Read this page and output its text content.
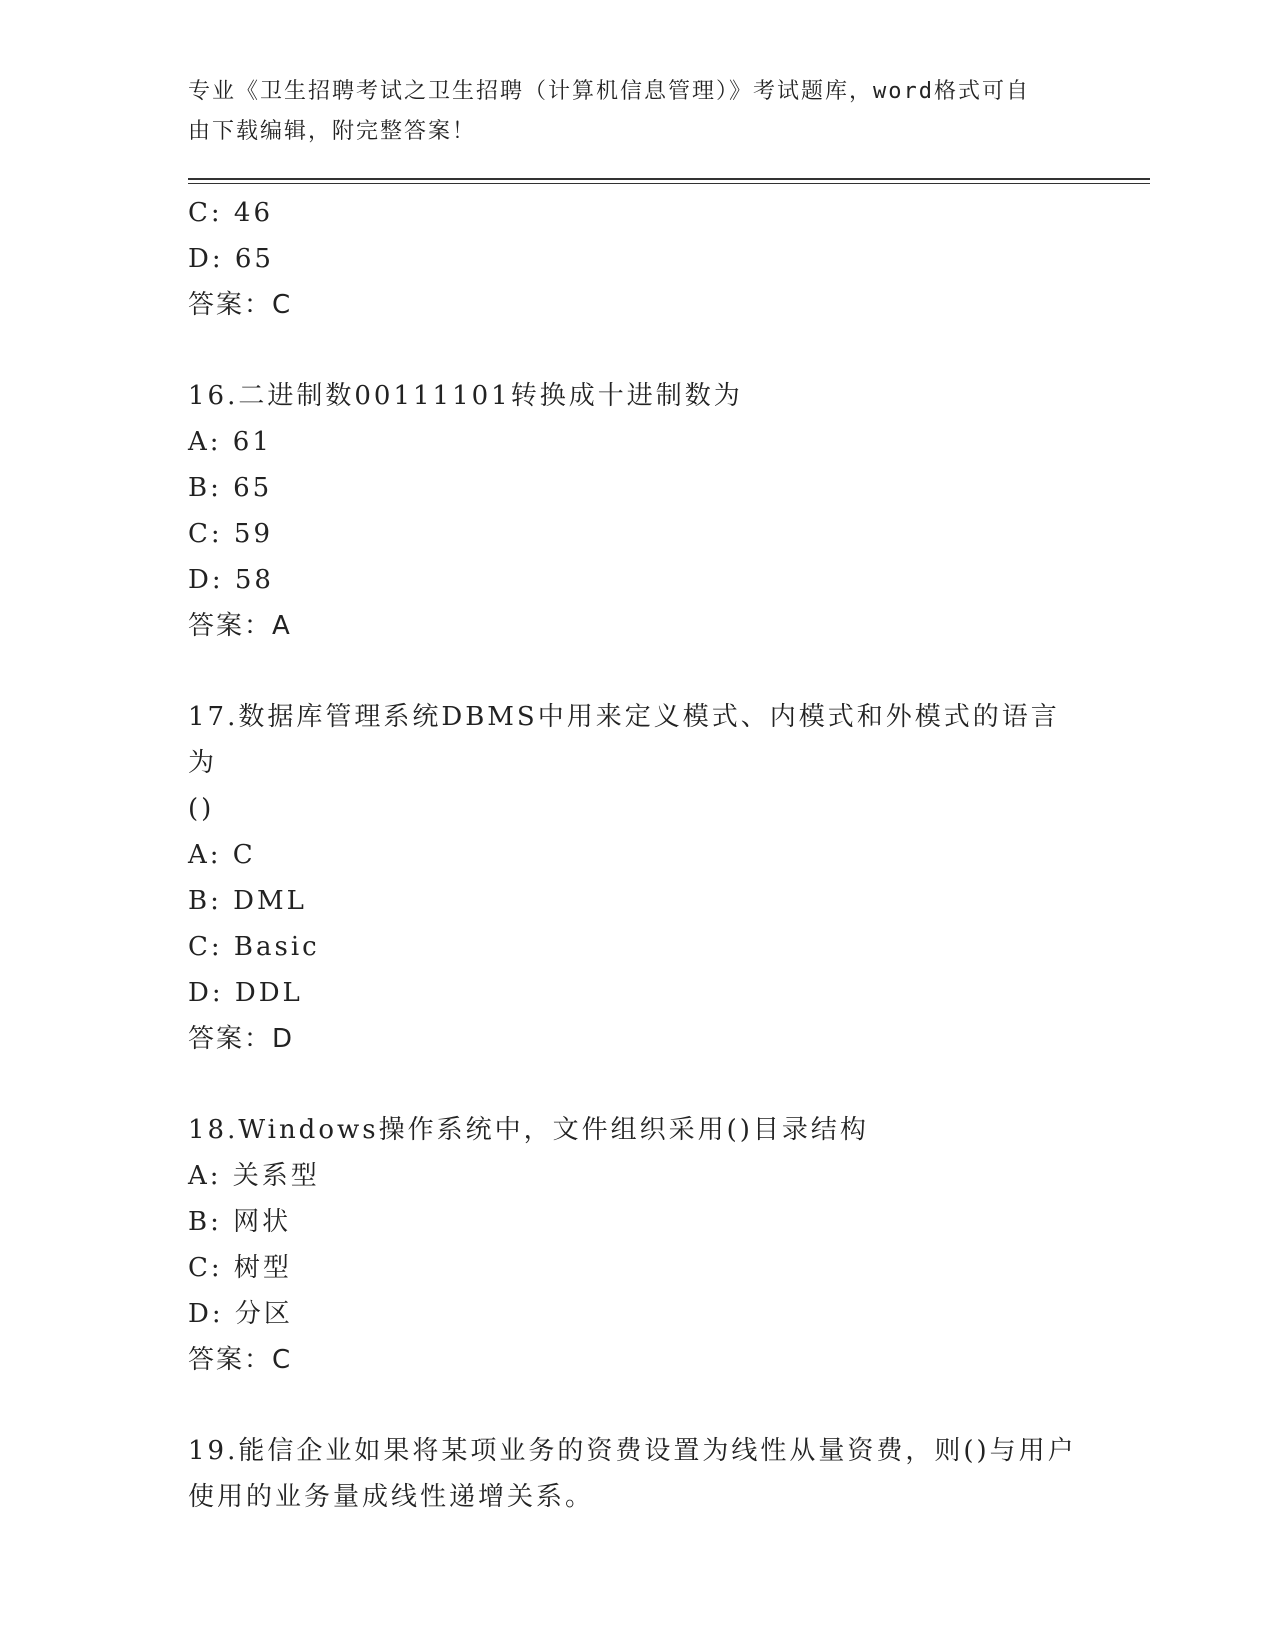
专业《卫生招聘考试之卫生招聘（计算机信息管理）》考试题库，word格式可自
由下载编辑，附完整答案！
C: 46
D: 65
答案：C
16.二进制数00111101转换成十进制数为
A: 61
B: 65
C: 59
D: 58
答案：A
17.数据库管理系统DBMS中用来定义模式、内模式和外模式的语言为
()
A: C
B: DML
C: Basic
D: DDL
答案：D
18.Windows操作系统中，文件组织采用()目录结构
A: 关系型
B: 网状
C: 树型
D: 分区
答案：C
19.能信企业如果将某项业务的资费设置为线性从量资费，则()与用户
使用的业务量成线性递增关系。
